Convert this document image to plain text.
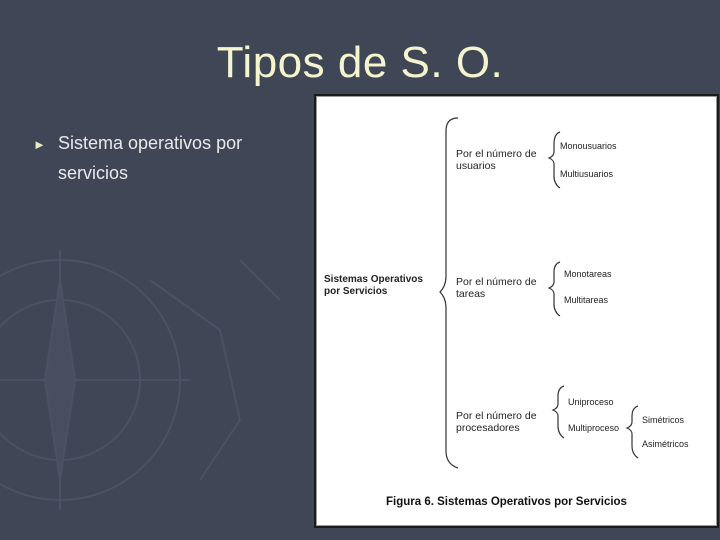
Tipos de S. O.
► Sistema operativos por servicios
Sistemas Operativos por Servicios
Por el número de usuarios
Monousuarios
Multiusuarios
Por el número de tareas
Monotareas
Multitareas
Por el número de procesadores
Uniproceso
Multiproceso
Simétricos
Asimétricos
Figura 6. Sistemas Operativos por Servicios
